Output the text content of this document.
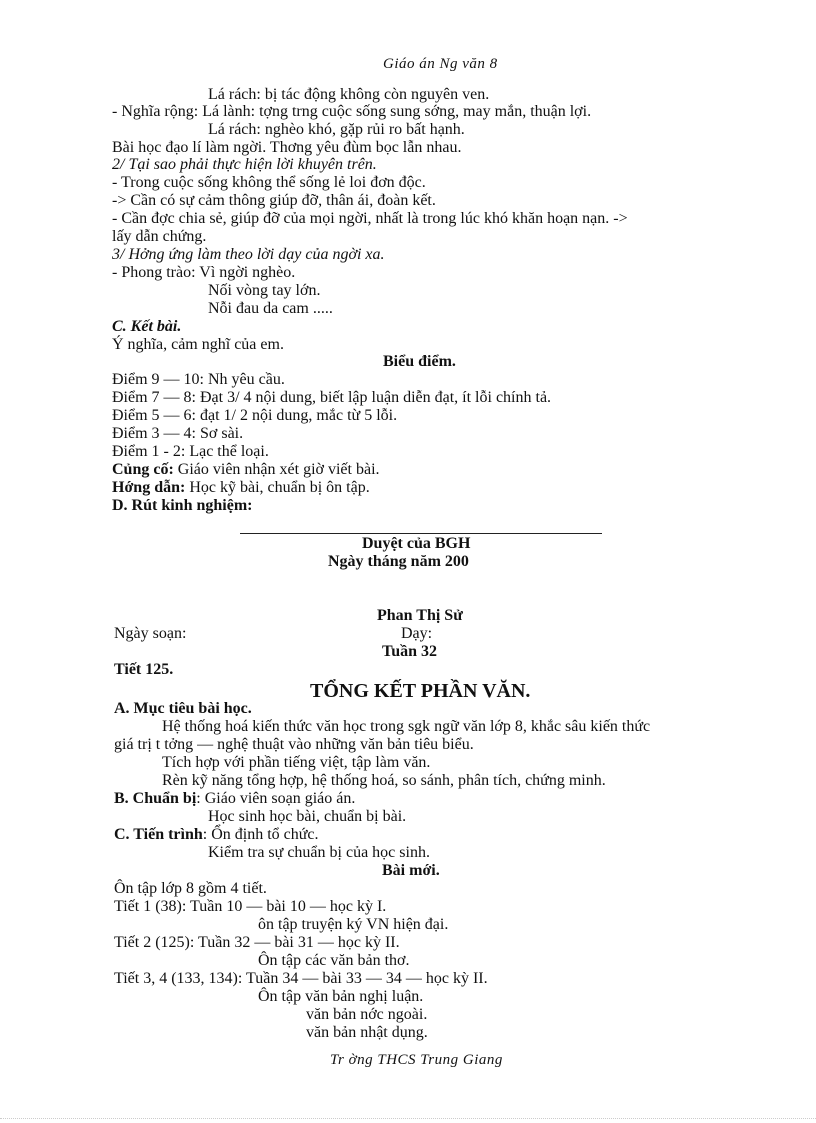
Giáo án Ng văn 8
Lá rách: bị tác động không còn nguyên ven.
- Nghĩa rộng: Lá lành: tợng trng cuộc sống sung sớng, may mắn, thuận lợi.
Lá rách: nghèo khó, gặp rủi ro bất hạnh.
Bài học đạo lí làm ngời. Thơng yêu đùm bọc lẫn nhau.
2/ Tại sao phải thực hiện lời khuyên trên.
- Trong cuộc sống không thể sống lẻ loi đơn độc.
-> Cần có sự cảm thông giúp đỡ, thân ái, đoàn kết.
- Cần đợc chia sẻ, giúp đỡ của mọi ngời, nhất là trong lúc khó khăn hoạn nạn. ->
lấy dẫn chứng.
3/ Hởng ứng làm theo lời dạy của ngời xa.
- Phong trào: Vì ngời nghèo.
Nối vòng tay lớn.
Nỗi đau da cam .....
C. Kết bài.
Ý nghĩa, cảm nghĩ của em.
Biểu điểm.
Điểm 9 — 10: Nh yêu cầu.
Điểm 7 — 8: Đạt 3/ 4 nội dung, biết lập luận diễn đạt, ít lỗi chính tả.
Điểm 5 — 6: đạt 1/ 2 nội dung, mắc từ 5 lỗi.
Điểm 3 — 4: Sơ sài.
Điểm 1 - 2: Lạc thể loại.
Củng cố: Giáo viên nhận xét giờ viết bài.
Hớng dẫn: Học kỹ bài, chuẩn bị ôn tập.
D. Rút kinh nghiệm:
Duyệt của BGH
Ngày tháng năm 200
Phan Thị Sử
Ngày soạn:	Dạy:
Tuần 32
Tiết 125.
TỔNG KẾT PHẦN VĂN.
A. Mục tiêu bài học.
Hệ thống hoá kiến thức văn học trong sgk ngữ văn lớp 8, khắc sâu kiến thức
giá trị t tởng — nghệ thuật vào những văn bản tiêu biểu.
Tích hợp với phần tiếng việt, tập làm văn.
Rèn kỹ năng tổng hợp, hệ thống hoá, so sánh, phân tích, chứng minh.
B. Chuẩn bị: Giáo viên soạn giáo án.
Học sinh học bài, chuẩn bị bài.
C. Tiến trình: Ổn định tổ chức.
Kiểm tra sự chuẩn bị của học sinh.
Bài mới.
Ôn tập lớp 8 gồm 4 tiết.
Tiết 1 (38): Tuần 10 — bài 10 — học kỳ I.
ôn tập truyện ký VN hiện đại.
Tiết 2 (125): Tuần 32 — bài 31 — học kỳ II.
Ôn tập các văn bản thơ.
Tiết 3, 4 (133, 134): Tuần 34 — bài 33 — 34 — học kỳ II.
Ôn tập văn bản nghị luận.
văn bản nớc ngoài.
văn bản nhật dụng.
Tr ờng THCS Trung Giang
